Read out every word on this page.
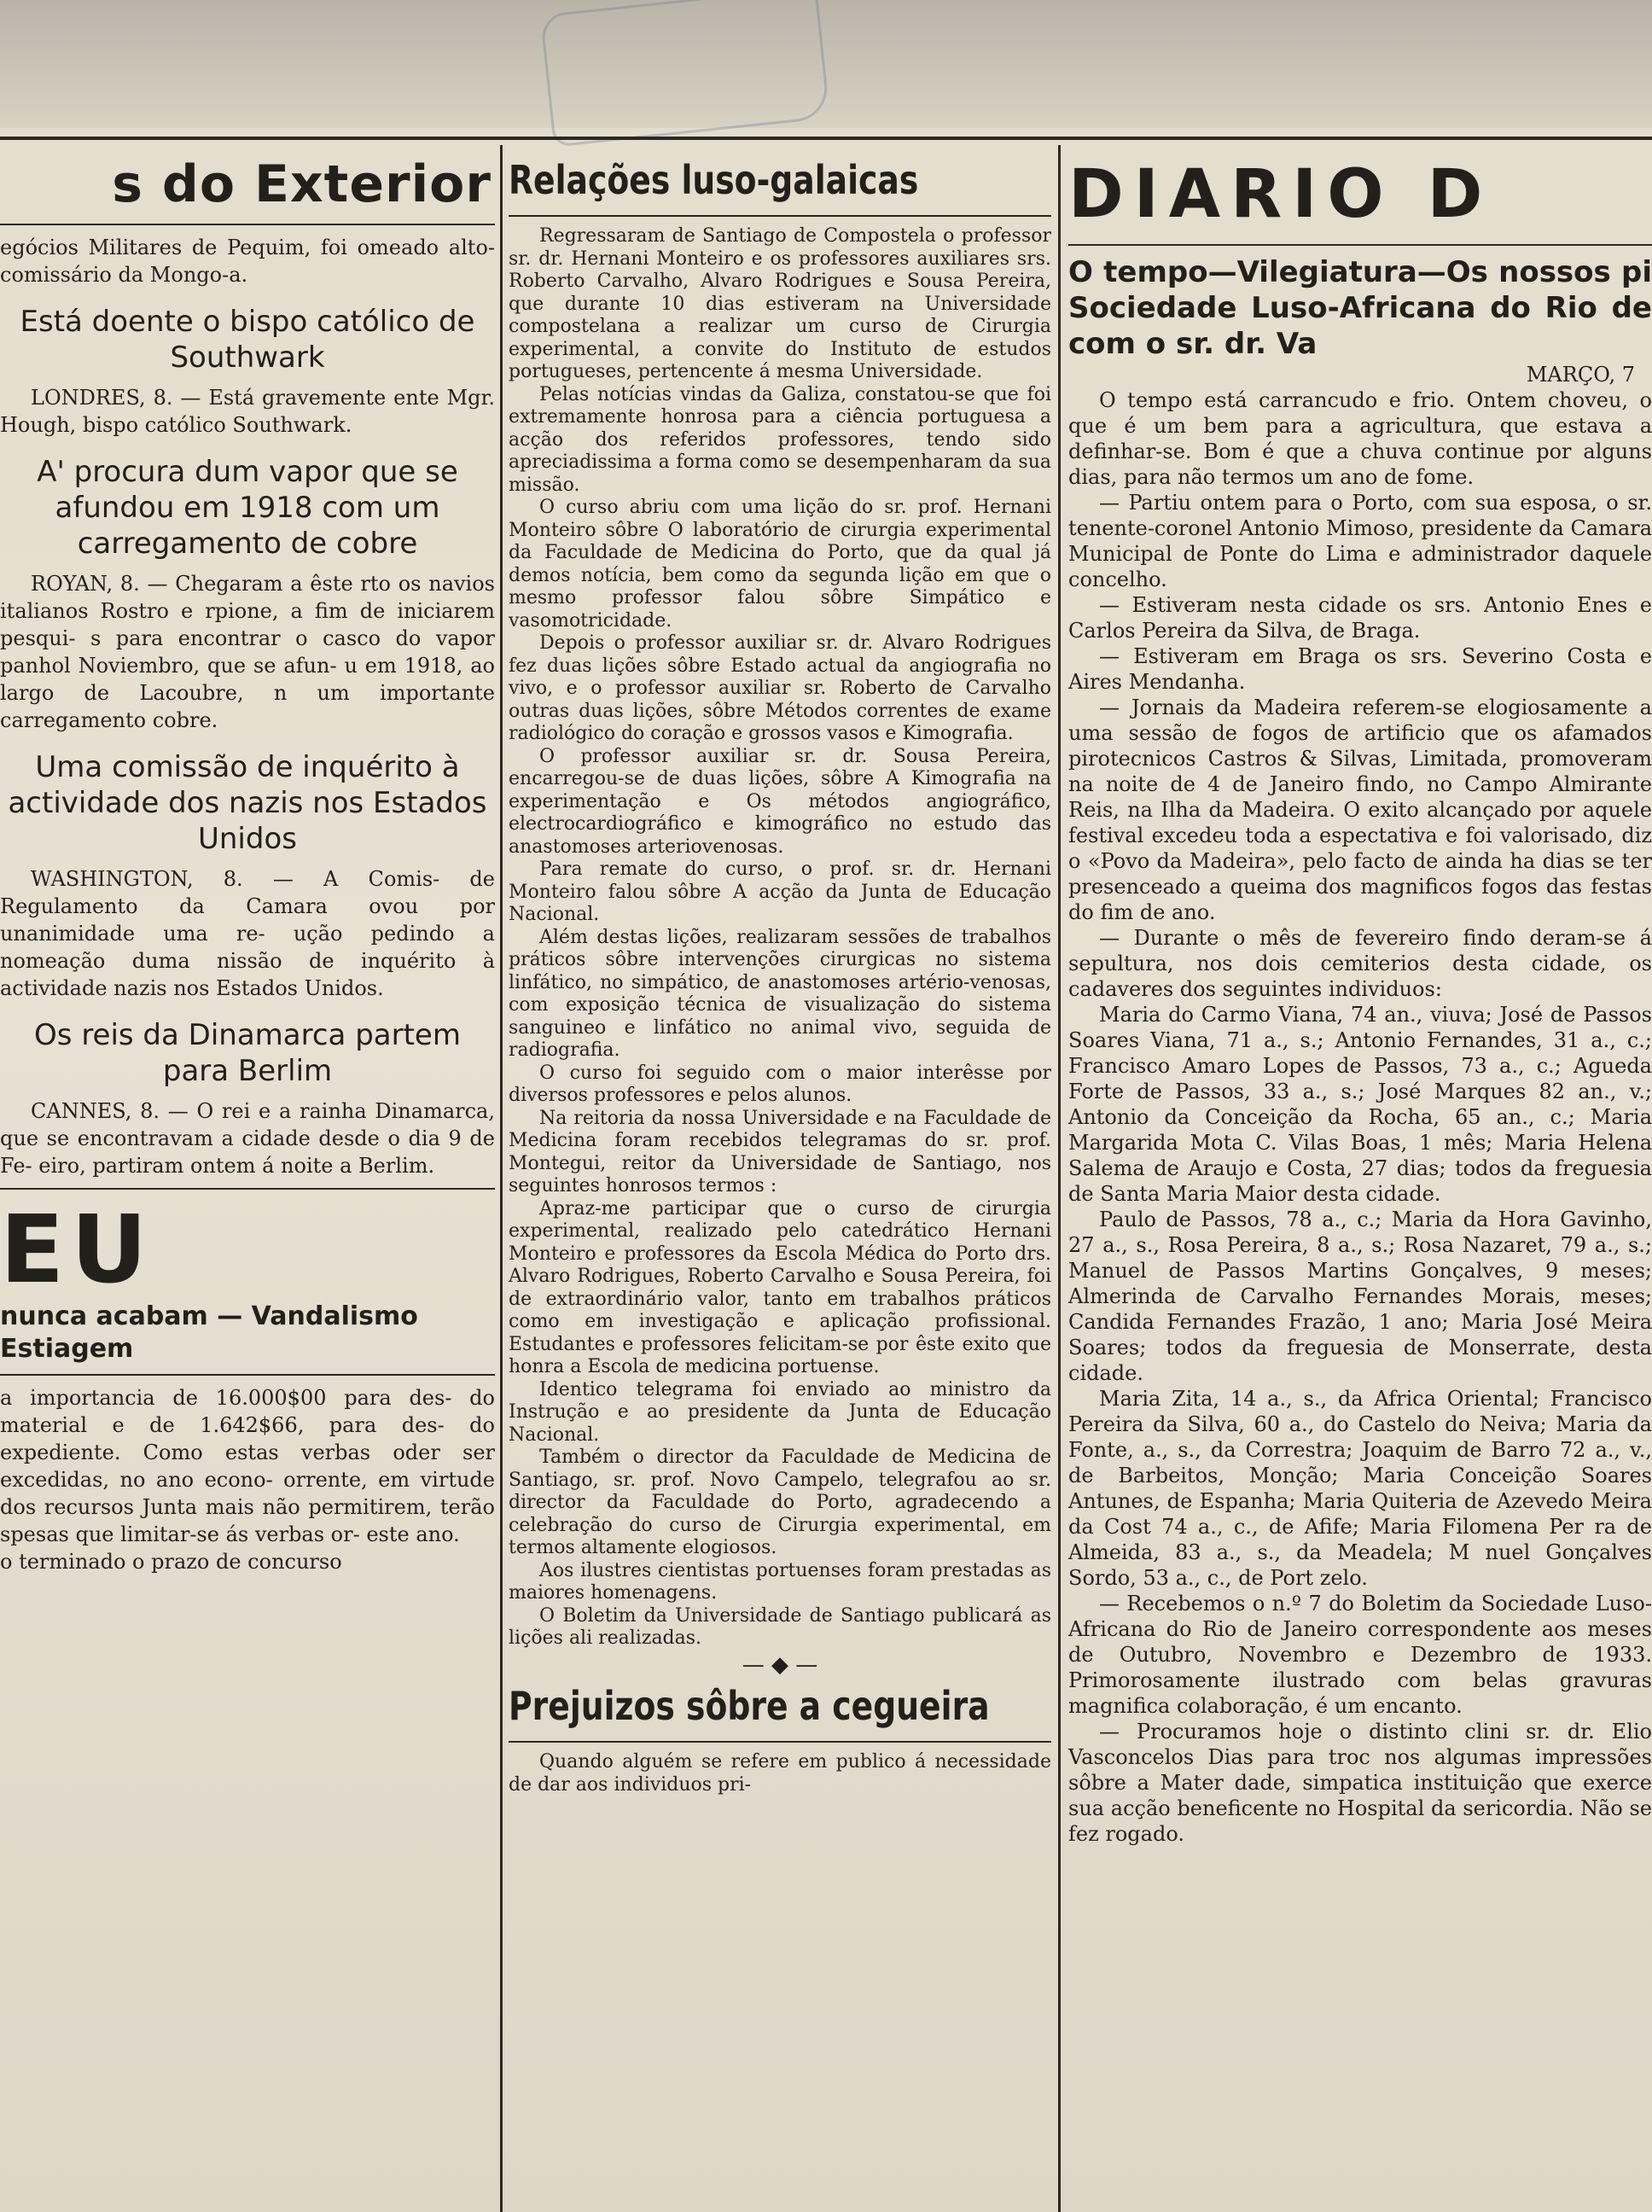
s do Exterior

egócios Militares de Pequim, foi omeado alto-comissário da Mongo-a.

Está doente o bispo católico de Southwark

LONDRES, 8. — Está gravemente ente Mgr. Hough, bispo católico Southwark.

A' procura dum vapor que se afundou em 1918 com um carregamento de cobre

ROYAN, 8. — Chegaram a êste rto os navios italianos Rostro e rpione, a fim de iniciarem pesqui- s para encontrar o casco do vapor panhol Noviembro, que se afun- u em 1918, ao largo de Lacoubre, n um importante carregamento cobre.

Uma comissão de inquérito à actividade dos nazis nos Estados Unidos

WASHINGTON, 8. — A Comis- de Regulamento da Camara ovou por unanimidade uma re- ução pedindo a nomeação duma nissão de inquérito à actividade nazis nos Estados Unidos.

Os reis da Dinamarca partem para Berlim

CANNES, 8. — O rei e a rainha Dinamarca, que se encontravam a cidade desde o dia 9 de Fe- eiro, partiram ontem á noite a Berlim.

EU
nunca acabam — Vandalismo
Estiagem

a importancia de 16.000$00 para des- do material e de 1.642$66, para des- do expediente. Como estas verbas oder ser excedidas, no ano econo- orrente, em virtude dos recursos Junta mais não permitirem, terão spesas que limitar-se ás verbas or- este ano.

o terminado o prazo de concurso

Relações luso-galaicas

Regressaram de Santiago de Compostela o professor sr. dr. Hernani Monteiro e os professores auxiliares srs. Roberto Carvalho, Alvaro Rodrigues e Sousa Pereira, que durante 10 dias estiveram na Universidade compostelana a realizar um curso de Cirurgia experimental, a convite do Instituto de estudos portugueses, pertencente á mesma Universidade.

Pelas notícias vindas da Galiza, constatou-se que foi extremamente honrosa para a ciência portuguesa a acção dos referidos professores, tendo sido apreciadissima a forma como se desempenharam da sua missão.

O curso abriu com uma lição do sr. prof. Hernani Monteiro sôbre O laboratório de cirurgia experimental da Faculdade de Medicina do Porto, que da qual já demos notícia, bem como da segunda lição em que o mesmo professor falou sôbre Simpático e vasomotricidade.

Depois o professor auxiliar sr. dr. Alvaro Rodrigues fez duas lições sôbre Estado actual da angiografia no vivo, e o professor auxiliar sr. Roberto de Carvalho outras duas lições, sôbre Métodos correntes de exame radiológico do coração e grossos vasos e Kimografia.

O professor auxiliar sr. dr. Sousa Pereira, encarregou-se de duas lições, sôbre A Kimografia na experimentação e Os métodos angiográfico, electrocardiográfico e kimográfico no estudo das anastomoses arteriovenosas.

Para remate do curso, o prof. sr. dr. Hernani Monteiro falou sôbre A acção da Junta de Educação Nacional.

Além destas lições, realizaram sessões de trabalhos práticos sôbre intervenções cirurgicas no sistema linfático, no simpático, de anastomoses artério-venosas, com exposição técnica de visualização do sistema sanguineo e linfático no animal vivo, seguida de radiografia.

O curso foi seguido com o maior interêsse por diversos professores e pelos alunos.

Na reitoria da nossa Universidade e na Faculdade de Medicina foram recebidos telegramas do sr. prof. Montegui, reitor da Universidade de Santiago, nos seguintes honrosos termos :

Apraz-me participar que o curso de cirurgia experimental, realizado pelo catedrático Hernani Monteiro e professores da Escola Médica do Porto drs. Alvaro Rodrigues, Roberto Carvalho e Sousa Pereira, foi de extraordinário valor, tanto em trabalhos práticos como em investigação e aplicação profissional. Estudantes e professores felicitam-se por êste exito que honra a Escola de medicina portuense.

Identico telegrama foi enviado ao ministro da Instrução e ao presidente da Junta de Educação Nacional.

Também o director da Faculdade de Medicina de Santiago, sr. prof. Novo Campelo, telegrafou ao sr. director da Faculdade do Porto, agradecendo a celebração do curso de Cirurgia experimental, em termos altamente elogiosos.

Aos ilustres cientistas portuenses foram prestadas as maiores homenagens.

O Boletim da Universidade de Santiago publicará as lições ali realizadas.

— ◆ —
Prejuizos sôbre a cegueira

Quando alguém se refere em publico á necessidade de dar aos individuos pri-

DIARIO D
O tempo—Vilegiatura—Os nossos pi Sociedade Luso-Africana do Rio de com o sr. dr. Va
MARÇO, 7

O tempo está carrancudo e frio. Ontem choveu, o que é um bem para a agricultura, que estava a definhar-se. Bom é que a chuva continue por alguns dias, para não termos um ano de fome.

— Partiu ontem para o Porto, com sua esposa, o sr. tenente-coronel Antonio Mimoso, presidente da Camara Municipal de Ponte do Lima e administrador daquele concelho.

— Estiveram nesta cidade os srs. Antonio Enes e Carlos Pereira da Silva, de Braga.

— Estiveram em Braga os srs. Severino Costa e Aires Mendanha.

— Jornais da Madeira referem-se elogiosamente a uma sessão de fogos de artificio que os afamados pirotecnicos Castros & Silvas, Limitada, promoveram na noite de 4 de Janeiro findo, no Campo Almirante Reis, na Ilha da Madeira. O exito alcançado por aquele festival excedeu toda a espectativa e foi valorisado, diz o «Povo da Madeira», pelo facto de ainda ha dias se ter presenceado a queima dos magnificos fogos das festas do fim de ano.

— Durante o mês de fevereiro findo deram-se á sepultura, nos dois cemiterios desta cidade, os cadaveres dos seguintes individuos:

Maria do Carmo Viana, 74 an., viuva; José de Passos Soares Viana, 71 a., s.; Antonio Fernandes, 31 a., c.; Francisco Amaro Lopes de Passos, 73 a., c.; Agueda Forte de Passos, 33 a., s.; José Marques 82 an., v.; Antonio da Conceição da Rocha, 65 an., c.; Maria Margarida Mota C. Vilas Boas, 1 mês; Maria Helena Salema de Araujo e Costa, 27 dias; todos da freguesia de Santa Maria Maior desta cidade.

Paulo de Passos, 78 a., c.; Maria da Hora Gavinho, 27 a., s., Rosa Pereira, 8 a., s.; Rosa Nazaret, 79 a., s.; Manuel de Passos Martins Gonçalves, 9 meses; Almerinda de Carvalho Fernandes Morais, meses; Candida Fernandes Frazão, 1 ano; Maria José Meira Soares; todos da freguesia de Monserrate, desta cidade.

Maria Zita, 14 a., s., da Africa Oriental; Francisco Pereira da Silva, 60 a., do Castelo do Neiva; Maria da Fonte, a., s., da Correstra; Joaquim de Barro 72 a., v., de Barbeitos, Monção; Maria Conceição Soares Antunes, de Espanha; Maria Quiteria de Azevedo Meira da Cost 74 a., c., de Afife; Maria Filomena Per ra de Almeida, 83 a., s., da Meadela; M nuel Gonçalves Sordo, 53 a., c., de Port zelo.

— Recebemos o n.º 7 do Boletim da Sociedade Luso-Africana do Rio de Janeiro correspondente aos meses de Outubro, Novembro e Dezembro de 1933. Primorosamente ilustrado com belas gravuras magnifica colaboração, é um encanto.

— Procuramos hoje o distinto clini sr. dr. Elio Vasconcelos Dias para troc nos algumas impressões sôbre a Mater dade, simpatica instituição que exerce sua acção beneficente no Hospital da sericordia. Não se fez rogado.
